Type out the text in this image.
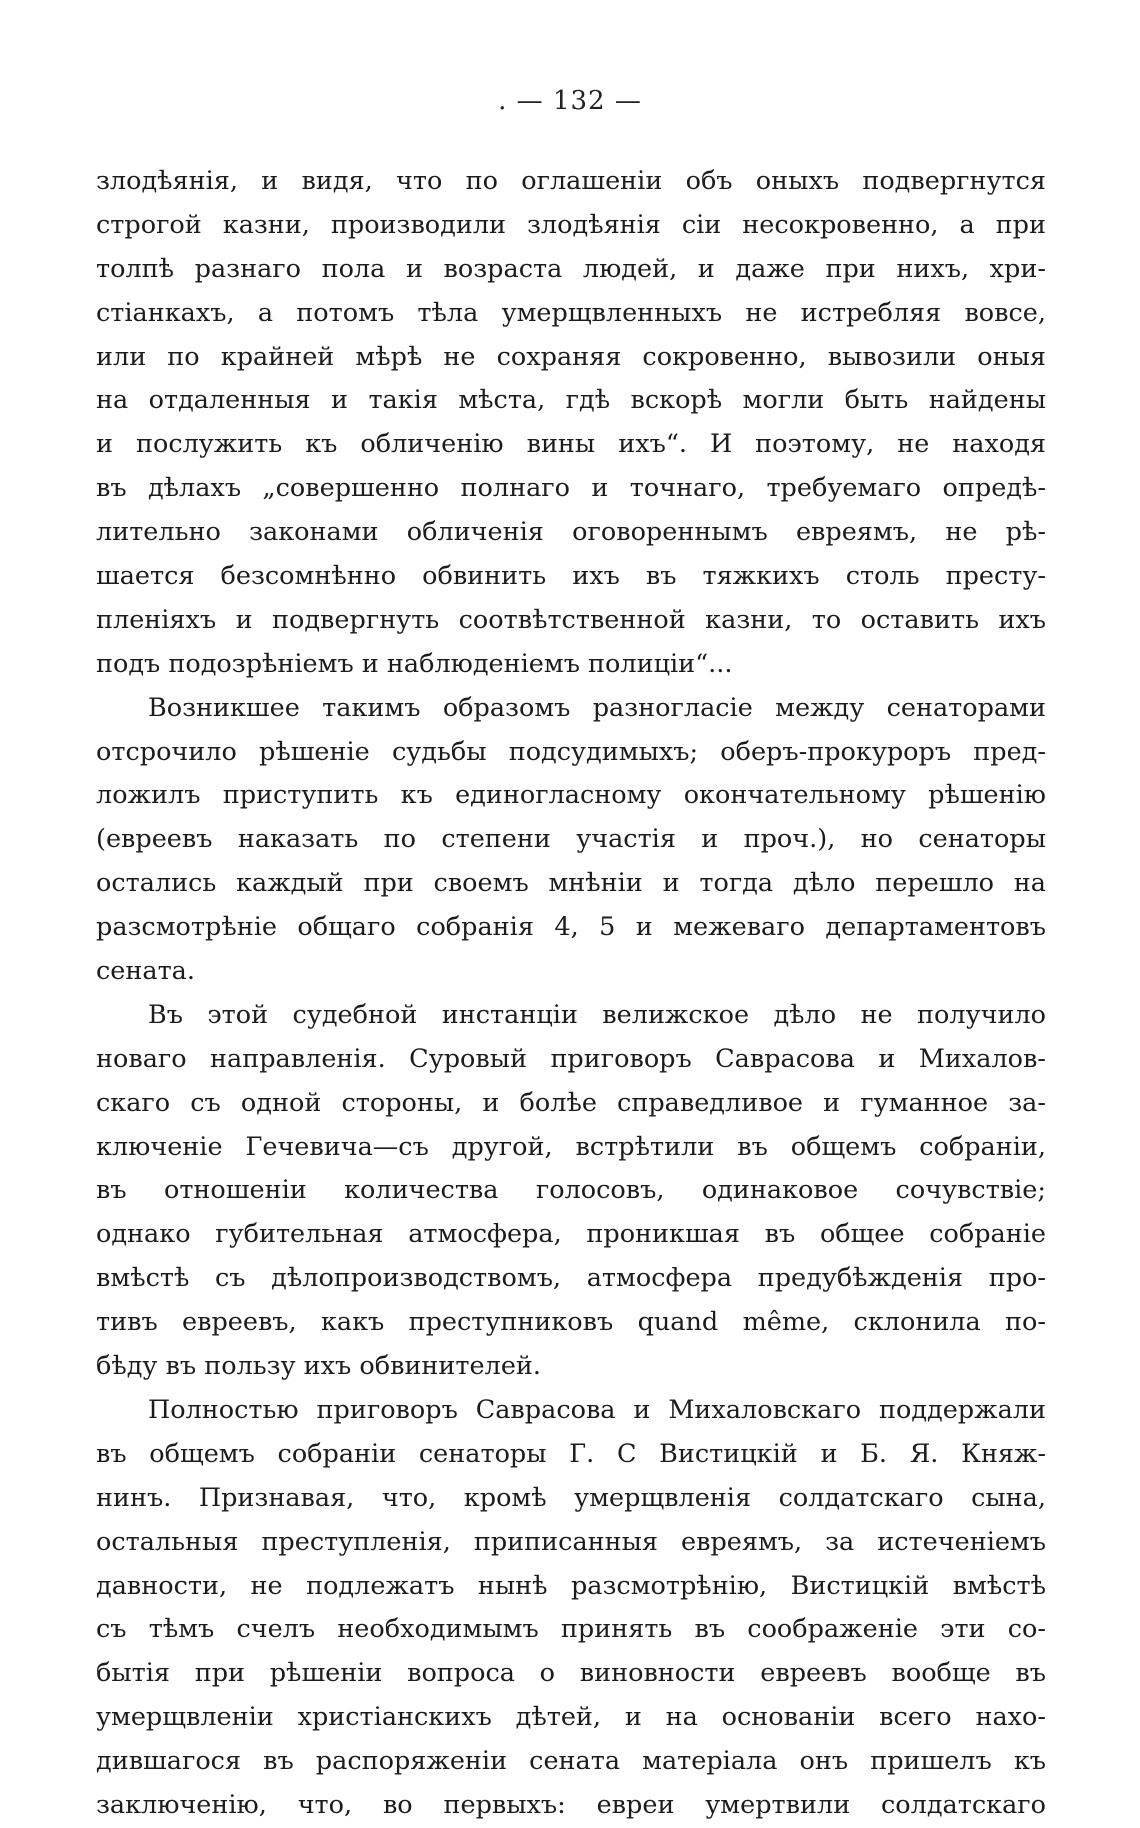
. — 132 —
злодѣянія, и видя, что по оглашеніи объ оныхъ подвергнутся
строгой казни, производили злодѣянія сіи несокровенно, а при
толпѣ разнаго пола и возраста людей, и даже при нихъ, хри-
стіанкахъ, а потомъ тѣла умерщвленныхъ не истребляя вовсе,
или по крайней мѣрѣ не сохраняя сокровенно, вывозили оныя
на отдаленныя и такія мѣста, гдѣ вскорѣ могли быть найдены
и послужить къ обличенію вины ихъ“. И поэтому, не находя
въ дѣлахъ „совершенно полнаго и точнаго, требуемаго опредѣ-
лительно законами обличенія оговореннымъ евреямъ, не рѣ-
шается безсомнѣнно обвинить ихъ въ тяжкихъ столь престу-
пленіяхъ и подвергнуть соотвѣтственной казни, то оставить ихъ
подъ подозрѣніемъ и наблюденіемъ полиціи“...
Возникшее такимъ образомъ разногласіе между сенаторами
отсрочило рѣшеніе судьбы подсудимыхъ; оберъ-прокуроръ пред-
ложилъ приступить къ единогласному окончательному рѣшенію
(евреевъ наказать по степени участія и проч.), но сенаторы
остались каждый при своемъ мнѣніи и тогда дѣло перешло на
разсмотрѣніе общаго собранія 4, 5 и межеваго департаментовъ
сената.
Въ этой судебной инстанціи велижское дѣло не получило
новаго направленія. Суровый приговоръ Саврасова и Михалов-
скаго съ одной стороны, и болѣе справедливое и гуманное за-
ключеніе Гечевича—съ другой, встрѣтили въ общемъ собраніи,
въ отношеніи количества голосовъ, одинаковое сочувствіе;
однако губительная атмосфера, проникшая въ общее собраніе
вмѣстѣ съ дѣлопроизводствомъ, атмосфера предубѣжденія про-
тивъ евреевъ, какъ преступниковъ quand même, склонила по-
бѣду въ пользу ихъ обвинителей.
Полностью приговоръ Саврасова и Михаловскаго поддержали
въ общемъ собраніи сенаторы Г. С Вистицкій и Б. Я. Княж-
нинъ. Признавая, что, кромѣ умерщвленія солдатскаго сына,
остальныя преступленія, приписанныя евреямъ, за истеченіемъ
давности, не подлежатъ нынѣ разсмотрѣнію, Вистицкій вмѣстѣ
съ тѣмъ счелъ необходимымъ принять въ соображеніе эти со-
бытія при рѣшеніи вопроса о виновности евреевъ вообще въ
умерщвленіи христіанскихъ дѣтей, и на основаніи всего нахо-
дившагося въ распоряженіи сената матеріала онъ пришелъ къ
заключенію, что, во первыхъ: евреи умертвили солдатскаго
